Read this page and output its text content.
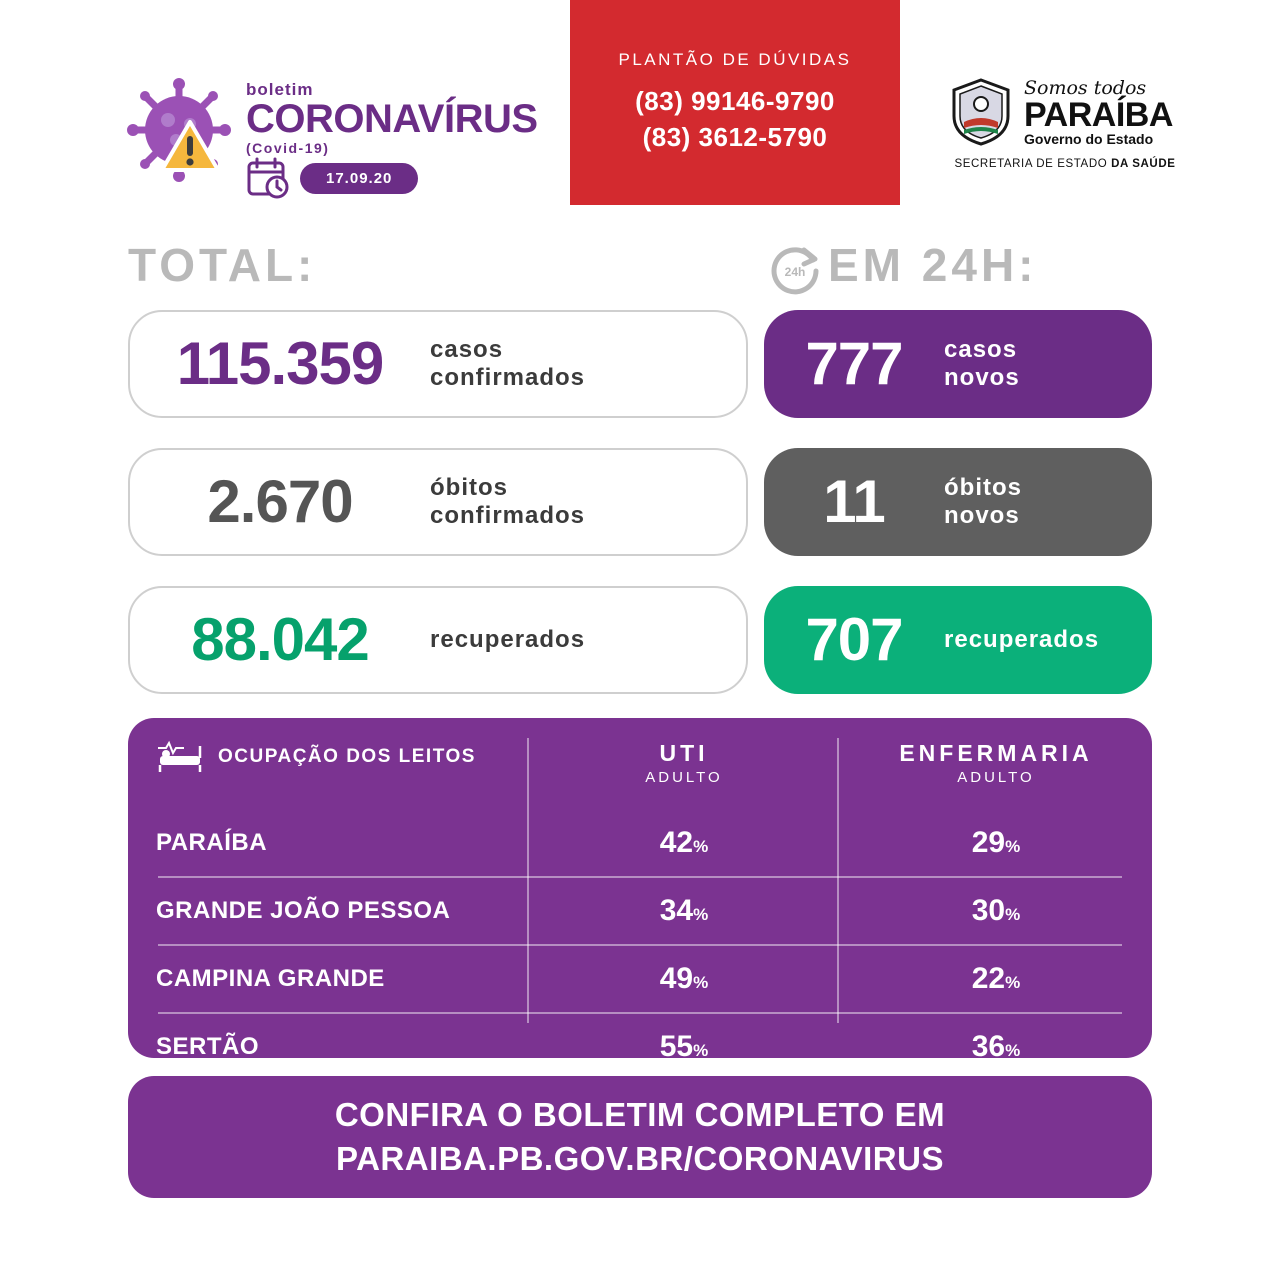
boletim
CORONAVÍRUS
(Covid-19)
17.09.20
PLANTÃO DE DÚVIDAS
(83) 99146-9790
(83) 3612-5790
Somos todos
PARAÍBA
Governo do Estado
SECRETARIA DE ESTADO DA SAÚDE
TOTAL:	24h EM 24H:
115.359	casos
confirmados
2.670	óbitos
confirmados
88.042	recuperados
777	casos
novos
11	óbitos
novos
707	recuperados
OCUPAÇÃO DOS LEITOS	UTI
ADULTO
ENFERMARIA
ADULTO
PARAÍBA	42%	29%
GRANDE JOÃO PESSOA	34%	30%
CAMPINA GRANDE	49%	22%
SERTÃO	55%	36%
CONFIRA O BOLETIM COMPLETO EM
PARAIBA.PB.GOV.BR/CORONAVIRUS
